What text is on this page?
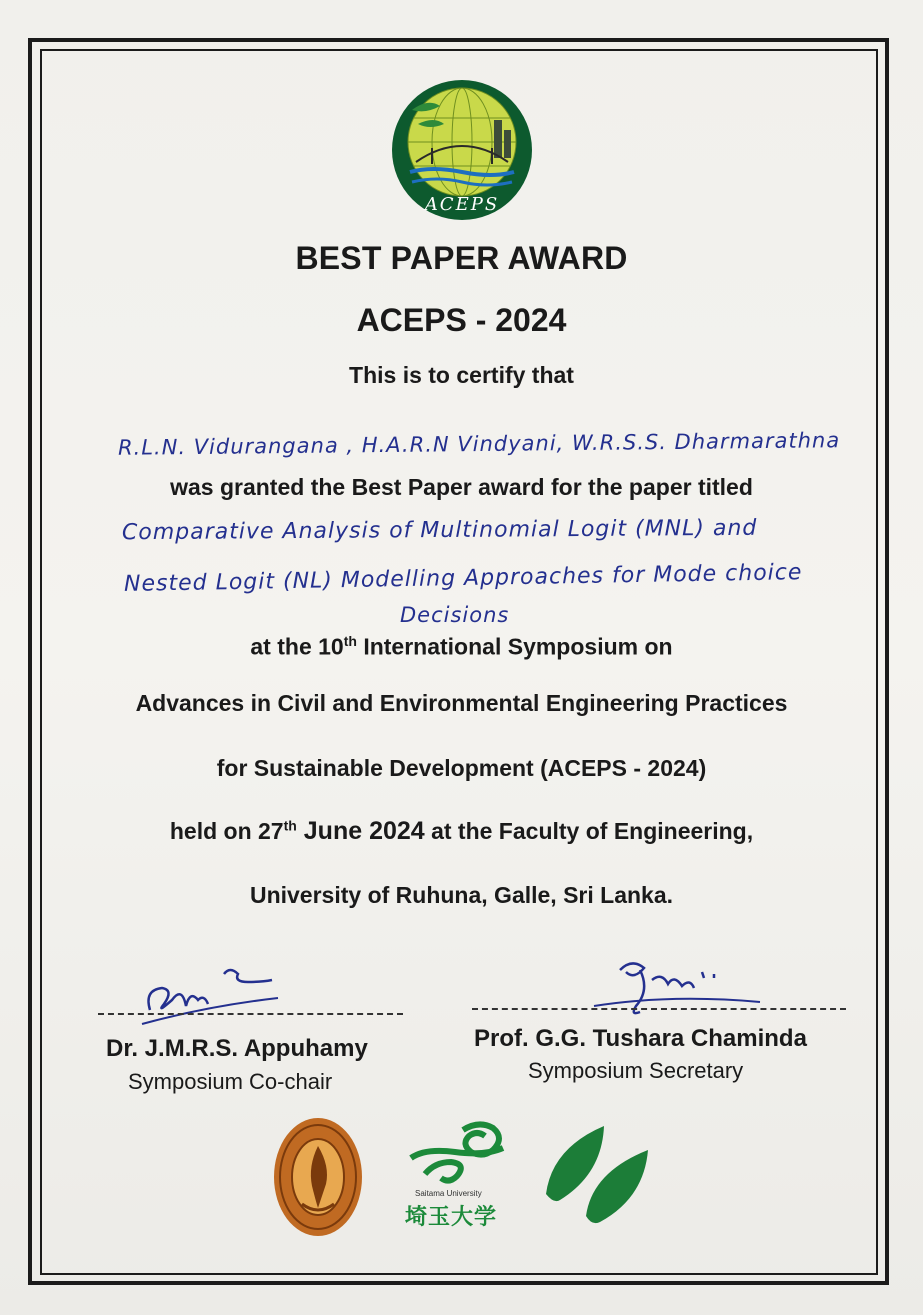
ACEPS
BEST PAPER AWARD
ACEPS - 2024
This is to certify that
R.L.N. Vidurangana , H.A.R.N Vindyani, W.R.S.S. Dharmarathna
was granted the Best Paper award for the paper titled
Comparative Analysis of Multinomial Logit (MNL) and
Nested Logit (NL) Modelling Approaches for Mode choice
Decisions
at the 10th International Symposium on
Advances in Civil and Environmental Engineering Practices
for Sustainable Development (ACEPS - 2024)
held on 27th June 2024 at the Faculty of Engineering,
University of Ruhuna, Galle, Sri Lanka.
Dr. J.M.R.S. Appuhamy
Symposium Co-chair
Prof. G.G. Tushara Chaminda
Symposium Secretary
Saitama University
埼玉大学
